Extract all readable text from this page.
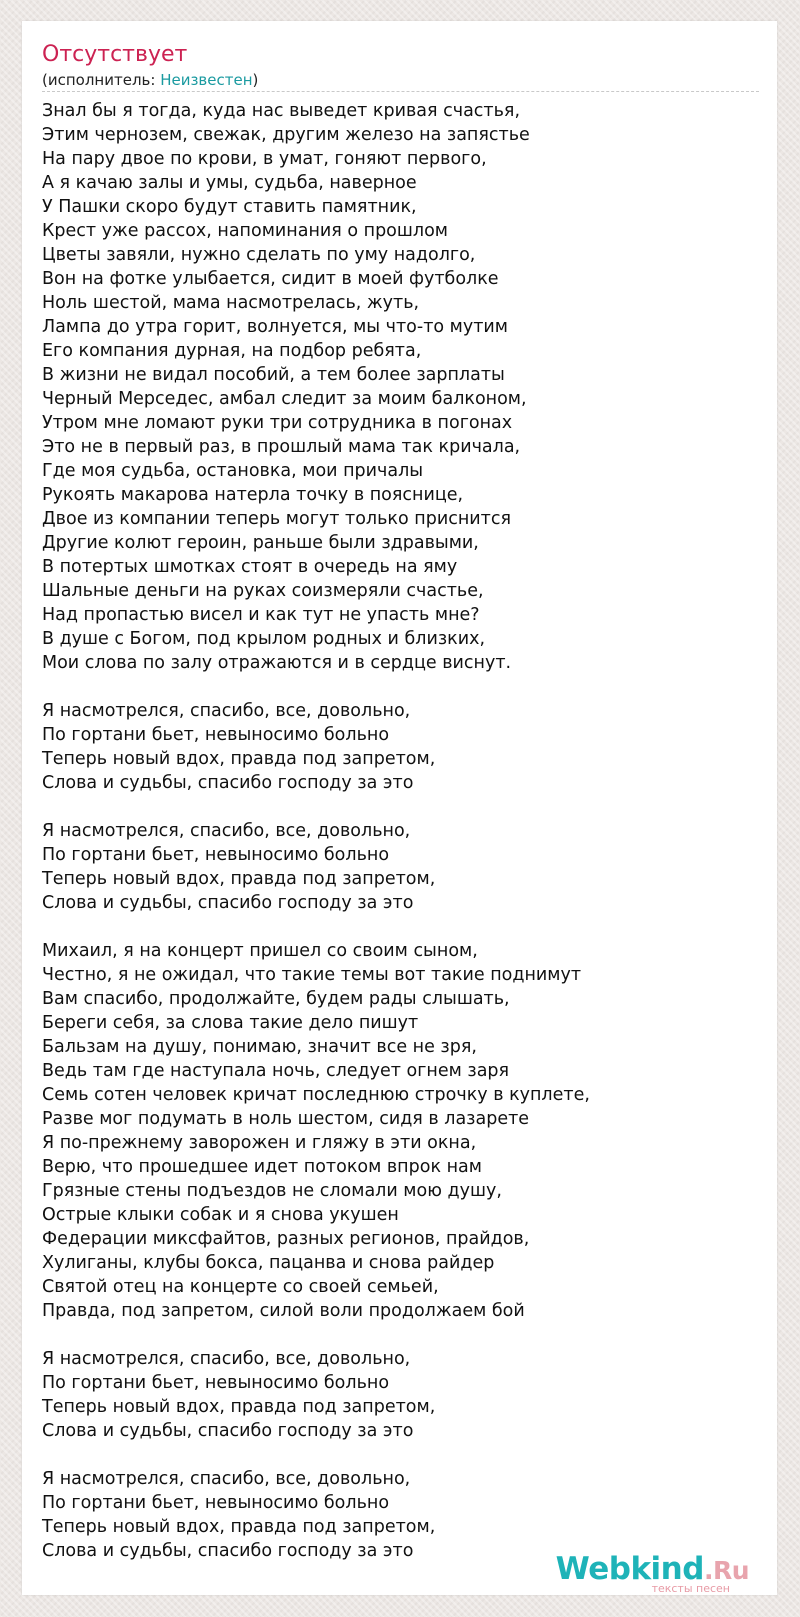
Отсутствует
(исполнитель: Неизвестен)
Знал бы я тогда, куда нас выведет кривая счастья,
Этим чернозем, свежак, другим железо на запястье
На пару двое по крови, в умат, гоняют первого,
А я качаю залы и умы, судьба, наверное
У Пашки скоро будут ставить памятник,
Крест уже рассох, напоминания о прошлом
Цветы завяли, нужно сделать по уму надолго,
Вон на фотке улыбается, сидит в моей футболке
Ноль шестой, мама насмотрелась, жуть,
Лампа до утра горит, волнуется, мы что-то мутим
Его компания дурная, на подбор ребята,
В жизни не видал пособий, а тем более зарплаты
Черный Мерседес, амбал следит за моим балконом,
Утром мне ломают руки три сотрудника в погонах
Это не в первый раз, в прошлый мама так кричала,
Где моя судьба, остановка, мои причалы
Рукоять макарова натерла точку в пояснице,
Двое из компании теперь могут только приснится
Другие колют героин, раньше были здравыми,
В потертых шмотках стоят в очередь на яму
Шальные деньги на руках соизмеряли счастье,
Над пропастью висел и как тут не упасть мне?
В душе с Богом, под крылом родных и близких,
Мои слова по залу отражаются и в сердце виснут.
Я насмотрелся, спасибо, все, довольно,
По гортани бьет, невыносимо больно
Теперь новый вдох, правда под запретом,
Слова и судьбы, спасибо господу за это
Я насмотрелся, спасибо, все, довольно,
По гортани бьет, невыносимо больно
Теперь новый вдох, правда под запретом,
Слова и судьбы, спасибо господу за это
Михаил, я на концерт пришел со своим сыном,
Честно, я не ожидал, что такие темы вот такие поднимут
Вам спасибо, продолжайте, будем рады слышать,
Береги себя, за слова такие дело пишут
Бальзам на душу, понимаю, значит все не зря,
Ведь там где наступала ночь, следует огнем заря
Семь сотен человек кричат последнюю строчку в куплете,
Разве мог подумать в ноль шестом, сидя в лазарете
Я по-прежнему заворожен и гляжу в эти окна,
Верю, что прошедшее идет потоком впрок нам
Грязные стены подъездов не сломали мою душу,
Острые клыки собак и я снова укушен
Федерации миксфайтов, разных регионов, прайдов,
Хулиганы, клубы бокса, пацанва и снова райдер
Святой отец на концерте со своей семьей,
Правда, под запретом, силой воли продолжаем бой
Я насмотрелся, спасибо, все, довольно,
По гортани бьет, невыносимо больно
Теперь новый вдох, правда под запретом,
Слова и судьбы, спасибо господу за это
Я насмотрелся, спасибо, все, довольно,
По гортани бьет, невыносимо больно
Теперь новый вдох, правда под запретом,
Слова и судьбы, спасибо господу за это	Webkind.Ru
тексты песен
